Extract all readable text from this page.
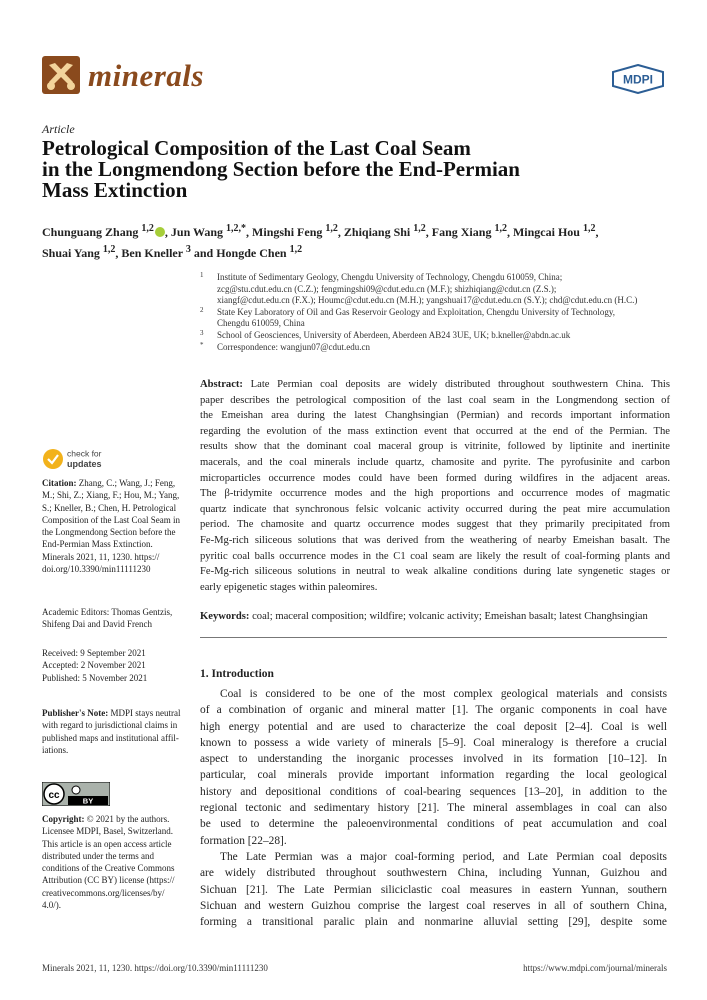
minerals	MDPI
Article
Petrological Composition of the Last Coal Seam
in the Longmendong Section before the End-Permian
Mass Extinction
Chunguang Zhang $^{1,2}$ , Jun Wang $^{1,2,*}$, Mingshi Feng $^{1,2}$, Zhiqiang Shi $^{1,2}$, Fang Xiang $^{1,2}$, Mingcai Hou $^{1,2}$,
Shuai Yang $^{1,2}$, Ben Kneller $^3$ and Hongde Chen $^{1,2}$
1 Institute of Sedimentary Geology, Chengdu University of Technology, Chengdu 610059, China;
zcg@stu.cdut.edu.cn (C.Z.); fengmingshi09@cdut.edu.cn (M.F.); shizhiqiang@cdut.cn (Z.S.);
xiangf@cdut.edu.cn (F.X.); Houmc@cdut.edu.cn (M.H.); yangshuai17@cdut.edu.cn (S.Y.); chd@cdut.edu.cn (H.C.)
2 State Key Laboratory of Oil and Gas Reservoir Geology and Exploitation, Chengdu University of Technology,
Chengdu 610059, China
3 School of Geosciences, University of Aberdeen, Aberdeen AB24 3UE, UK; b.kneller@abdn.ac.uk
* Correspondence: wangjun07@cdut.edu.cn
Abstract: Late Permian coal deposits are widely distributed throughout southwestern China. This
paper describes the petrological composition of the last coal seam in the Longmendong section of
the Emeishan area during the latest Changhsingian (Permian) and records important information
regarding the evolution of the mass extinction event that occurred at the end of the Permian. The
results show that the dominant coal maceral group is vitrinite, followed by liptinite and inertinite
macerals, and the coal minerals include quartz, chamosite and pyrite. The pyrofusinite and carbon
microparticles occurrence modes could have been formed during wildfires in the adjacent areas.
The β-tridymite occurrence modes and the high proportions and occurrence modes of magmatic
quartz indicate that synchronous felsic volcanic activity occurred during the peat mire accumulation
period. The chamosite and quartz occurrence modes suggest that they primarily precipitated from
Fe-Mg-rich siliceous solutions that was derived from the weathering of nearby Emeishan basalt. The
pyritic coal balls occurrence modes in the C1 coal seam are likely the result of coal-forming plants and
Fe-Mg-rich siliceous solutions in neutral to weak alkaline conditions during late syngenetic stages or
early epigenetic stages within paleomires.
Keywords: coal; maceral composition; wildfire; volcanic activity; Emeishan basalt; latest Changhsingian
check for
updates
Citation: Zhang, C.; Wang, J.; Feng,
M.; Shi, Z.; Xiang, F.; Hou, M.; Yang,
S.; Kneller, B.; Chen, H. Petrological
Composition of the Last Coal Seam in
the Longmendong Section before the
End-Permian Mass Extinction.
Minerals 2021, 11, 1230. https://
doi.org/10.3390/min11111230
Academic Editors: Thomas Gentzis,
Shifeng Dai and David French
Received: 9 September 2021
Accepted: 2 November 2021
Published: 5 November 2021
Publisher's Note: MDPI stays neutral
with regard to jurisdictional claims in
published maps and institutional affil-
iations.
cc	BY
Copyright: © 2021 by the authors.
Licensee MDPI, Basel, Switzerland.
This article is an open access article
distributed under the terms and
conditions of the Creative Commons
Attribution (CC BY) license (https://
creativecommons.org/licenses/by/
4.0/).
1. Introduction
Coal is considered to be one of the most complex geological materials and consists
of a combination of organic and mineral matter [1]. The organic components in coal have
high energy potential and are used to characterize the coal deposit [2–4]. Coal is well
known to possess a wide variety of minerals [5–9]. Coal mineralogy is therefore a crucial
aspect to understanding the inorganic processes involved in its formation [10–12]. In
particular, coal minerals provide important information regarding the local geological
history and depositional conditions of coal-bearing sequences [13–20], in addition to the
regional tectonic and sedimentary history [21]. The mineral assemblages in coal can also
be used to determine the paleoenvironmental conditions of peat accumulation and coal
formation [22–28].
The Late Permian was a major coal-forming period, and Late Permian coal deposits
are widely distributed throughout southwestern China, including Yunnan, Guizhou and
Sichuan [21]. The Late Permian siliciclastic coal measures in eastern Yunnan, southern
Sichuan and western Guizhou comprise the largest coal reserves in all of southern China,
forming a transitional paralic plain and nonmarine alluvial setting [29], despite some
Minerals 2021, 11, 1230. https://doi.org/10.3390/min11111230	https://www.mdpi.com/journal/minerals
